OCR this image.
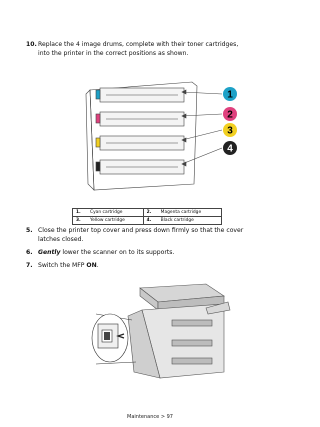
10. Replace the 4 image drums, complete with their toner cartridges, into the printer in the correct positions as shown.
1
2
3
4
1.	Cyan cartridge	2.	Magenta cartridge
3.	Yellow cartridge	4.	Black cartridge
5. Close the printer top cover and press down firmly so that the cover latches closed.
6. Gently lower the scanner on to its supports.
7. Switch the MFP ON.
Maintenance > 97
